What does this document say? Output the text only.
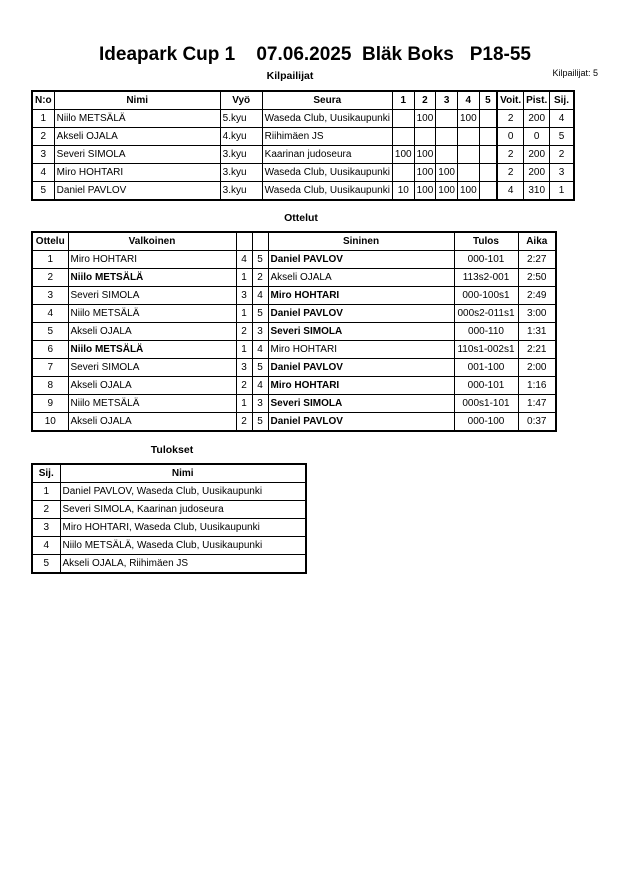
Ideapark Cup 1    07.06.2025  Bläk Boks   P18-55
Kilpailijat: 5
Kilpailijat
N:o	Nimi	Vyö	Seura	1	2	3	4	5	Voit.	Pist.	Sij.
1	Niilo METSÄLÄ	5.kyu	Waseda Club, Uusikaupunki		100		100		2	200	4
2	Akseli OJALA	4.kyu	Riihimäen JS						0	0	5
3	Severi SIMOLA	3.kyu	Kaarinan judoseura	100	100				2	200	2
4	Miro HOHTARI	3.kyu	Waseda Club, Uusikaupunki		100	100			2	200	3
5	Daniel PAVLOV	3.kyu	Waseda Club, Uusikaupunki	10	100	100	100		4	310	1
Ottelut
Ottelu	Valkoinen			Sininen	Tulos	Aika
1	Miro HOHTARI	4	5	Daniel PAVLOV	000-101	2:27
2	Niilo METSÄLÄ	1	2	Akseli OJALA	113s2-001	2:50
3	Severi SIMOLA	3	4	Miro HOHTARI	000-100s1	2:49
4	Niilo METSÄLÄ	1	5	Daniel PAVLOV	000s2-011s1	3:00
5	Akseli OJALA	2	3	Severi SIMOLA	000-110	1:31
6	Niilo METSÄLÄ	1	4	Miro HOHTARI	110s1-002s1	2:21
7	Severi SIMOLA	3	5	Daniel PAVLOV	001-100	2:00
8	Akseli OJALA	2	4	Miro HOHTARI	000-101	1:16
9	Niilo METSÄLÄ	1	3	Severi SIMOLA	000s1-101	1:47
10	Akseli OJALA	2	5	Daniel PAVLOV	000-100	0:37
Tulokset
Sij.	Nimi
1	Daniel PAVLOV, Waseda Club, Uusikaupunki
2	Severi SIMOLA, Kaarinan judoseura
3	Miro HOHTARI, Waseda Club, Uusikaupunki
4	Niilo METSÄLÄ, Waseda Club, Uusikaupunki
5	Akseli OJALA, Riihimäen JS
